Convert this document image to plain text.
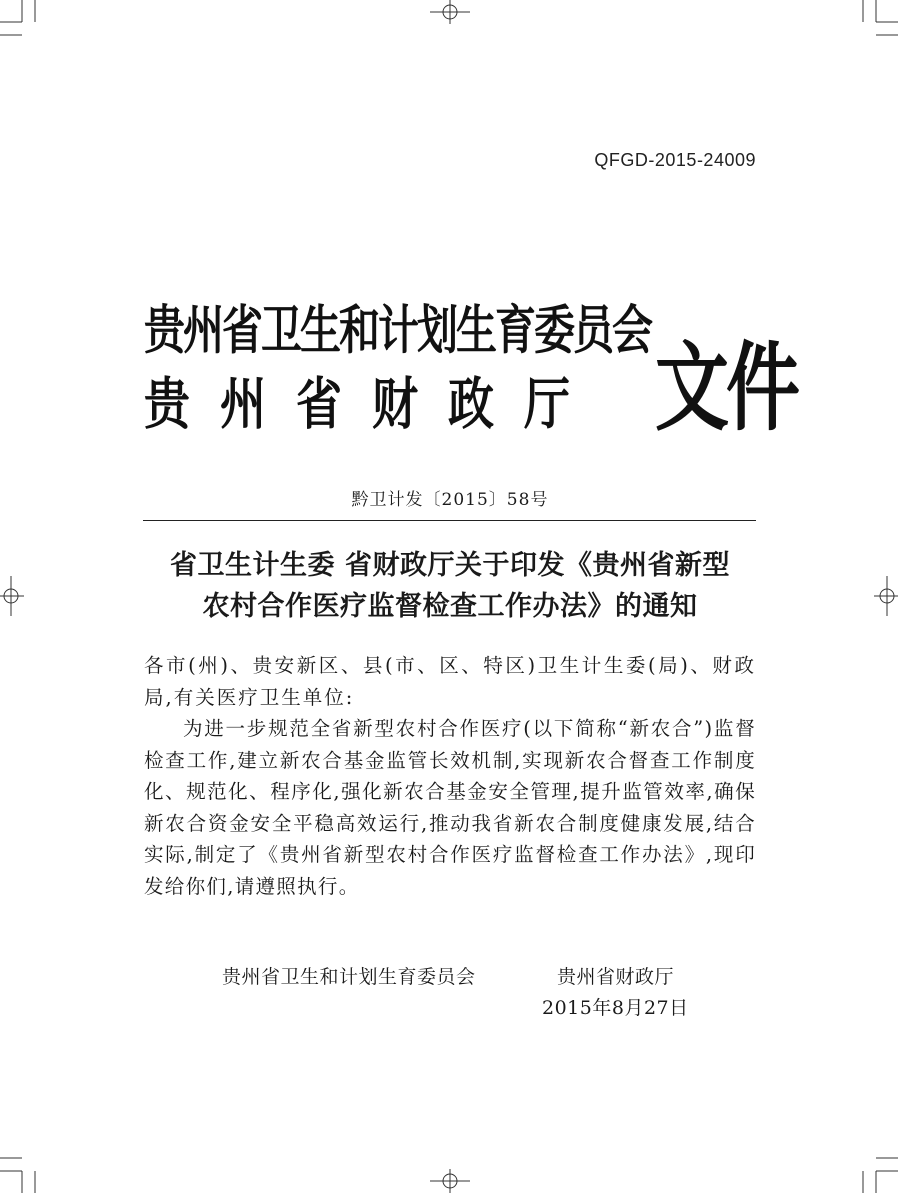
QFGD-2015-24009
贵州省卫生和计划生育委员会
贵州省财政厅 文件
黔卫计发〔2015〕58号
省卫生计生委 省财政厅关于印发《贵州省新型
农村合作医疗监督检查工作办法》的通知
各市(州)、贵安新区、县(市、区、特区)卫生计生委(局)、财政局,有关医疗卫生单位:
为进一步规范全省新型农村合作医疗(以下简称“新农合”)监督检查工作,建立新农合基金监管长效机制,实现新农合督查工作制度化、规范化、程序化,强化新农合基金安全管理,提升监管效率,确保新农合资金安全平稳高效运行,推动我省新农合制度健康发展,结合实际,制定了《贵州省新型农村合作医疗监督检查工作办法》,现印发给你们,请遵照执行。
贵州省卫生和计划生育委员会	贵州省财政厅
2015年8月27日
